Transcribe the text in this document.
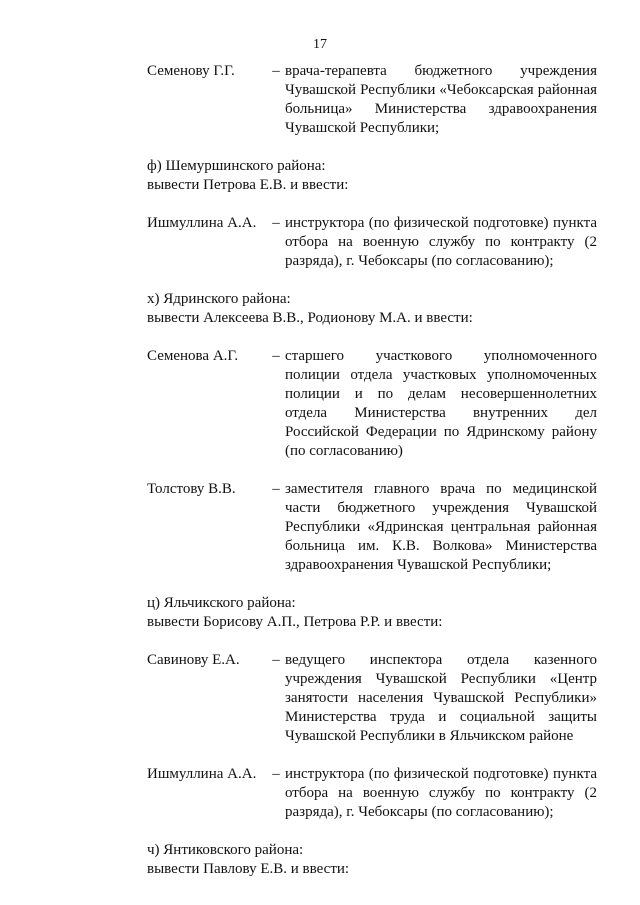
17
Семенову Г.Г.	– врача-терапевта бюджетного учреждения Чувашской Республики «Чебоксарская районная больница» Министерства здравоохранения Чувашской Республики;
ф) Шемуршинского района:
вывести Петрова Е.В. и ввести:
Ишмуллина А.А.	– инструктора (по физической подготовке) пункта отбора на военную службу по контракту (2 разряда), г. Чебоксары (по согласованию);
х) Ядринского района:
вывести Алексеева В.В., Родионову М.А. и ввести:
Семенова А.Г.	– старшего участкового уполномоченного полиции отдела участковых уполномоченных полиции и по делам несовершеннолетних отдела Министерства внутренних дел Российской Федерации по Ядринскому району (по согласованию)
Толстову В.В.	– заместителя главного врача по медицинской части бюджетного учреждения Чувашской Республики «Ядринская центральная районная больница им. К.В. Волкова» Министерства здравоохранения Чувашской Республики;
ц) Яльчикского района:
вывести Борисову А.П., Петрова Р.Р. и ввести:
Савинову Е.А.	– ведущего инспектора отдела казенного учреждения Чувашской Республики «Центр занятости населения Чувашской Республики» Министерства труда и социальной защиты Чувашской Республики в Яльчикском районе
Ишмуллина А.А.	– инструктора (по физической подготовке) пункта отбора на военную службу по контракту (2 разряда), г. Чебоксары (по согласованию);
ч) Янтиковского района:
вывести Павлову Е.В. и ввести:
